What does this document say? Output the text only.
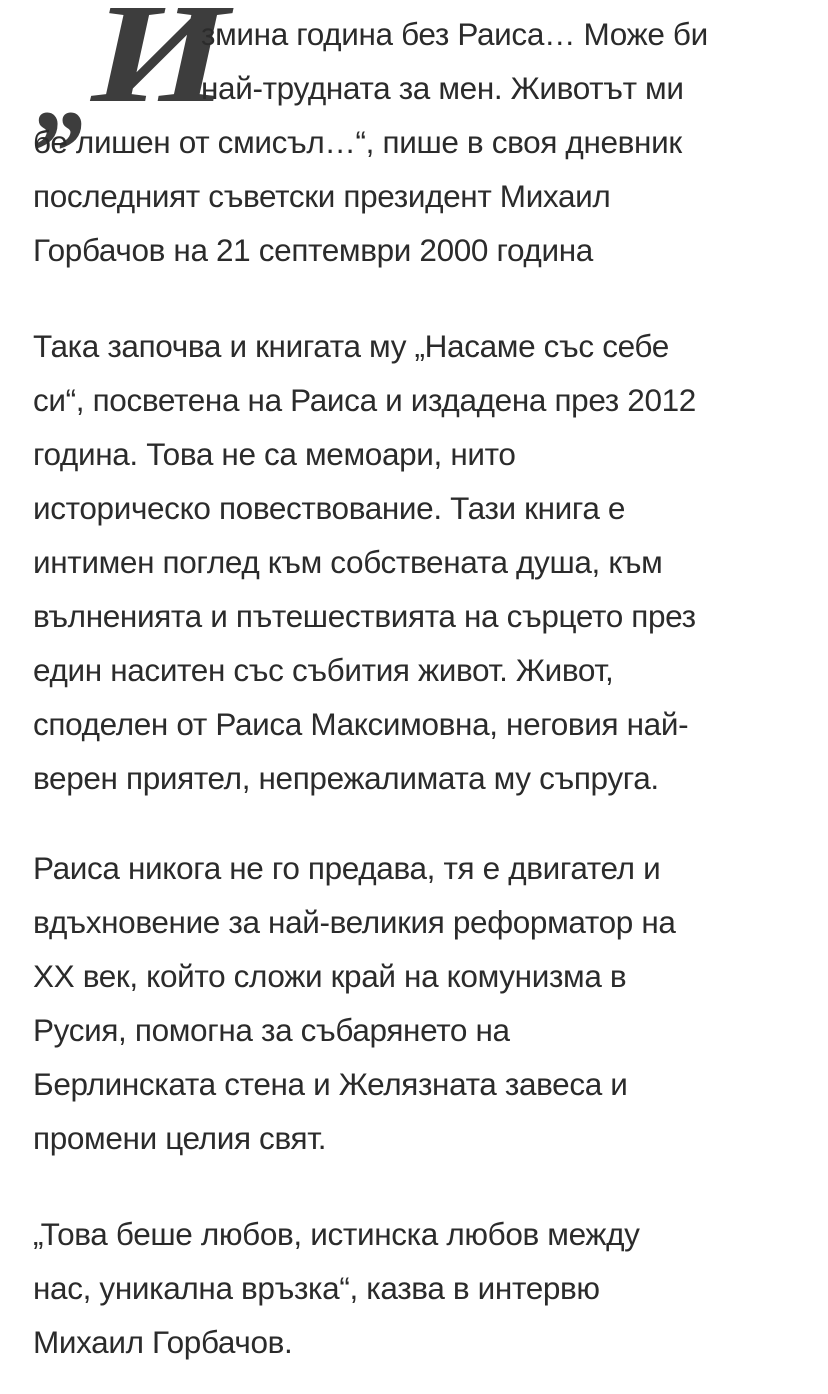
„ И
змина година без Раиса… Може би
най-трудната за мен. Животът ми
бе лишен от смисъл…“, пише в своя дневник
последният съветски президент Михаил
Горбачов на 21 септември 2000 година
Така започва и книгата му „Насаме със себе
си“, посветена на Раиса и издадена през 2012
година. Това не са мемоари, нито
историческо повествование. Тази книга е
интимен поглед към собствената душа, към
вълненията и пътешествията на сърцето през
един наситен със събития живот. Живот,
споделен от Раиса Максимовна, неговия най-
верен приятел, непрежалимата му съпруга.
Раиса никога не го предава, тя е двигател и
вдъхновение за най-великия реформатор на
ХХ век, който сложи край на комунизма в
Русия, помогна за събарянето на
Берлинската стена и Желязната завеса и
промени целия свят.
„Това беше любов, истинска любов между
нас, уникална връзка“, казва в интервю
Михаил Горбачов.
